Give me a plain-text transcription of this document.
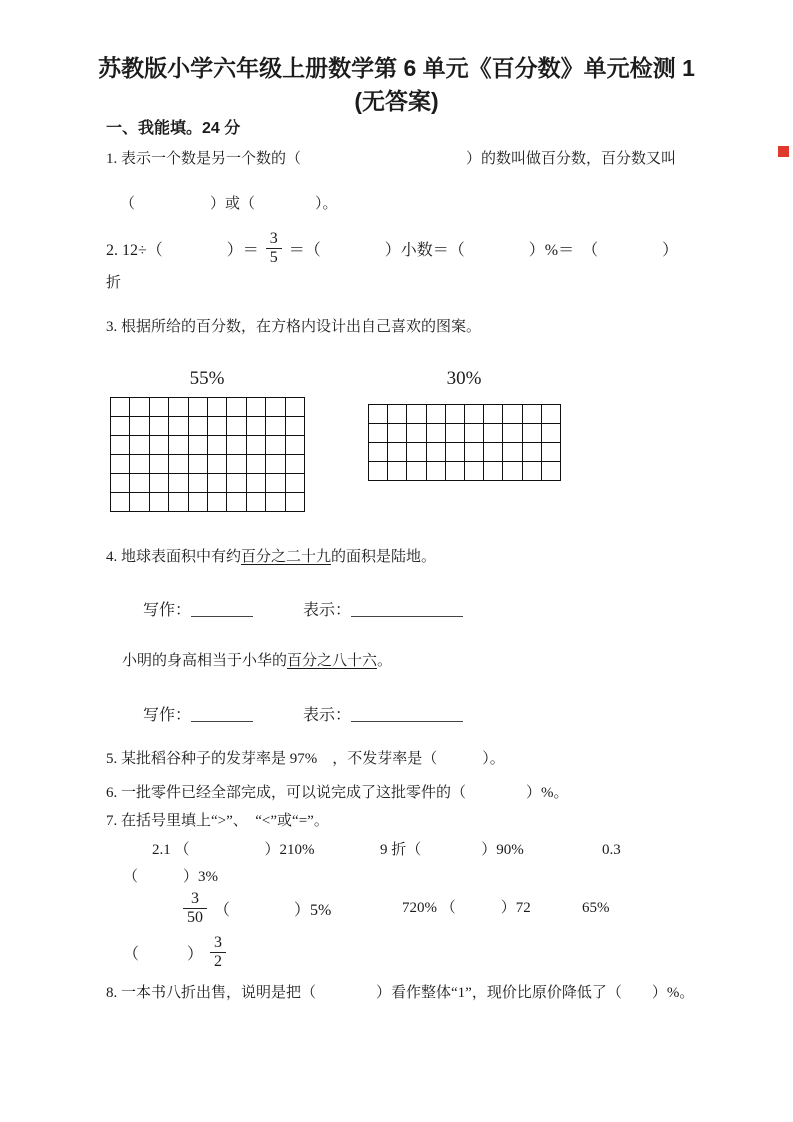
苏教版小学六年级上册数学第 6 单元《百分数》单元检测 1
(无答案)
一、我能填。24 分
1. 表示一个数是另一个数的（　　　　　　　　　　　）的数叫做百分数，百分数又叫
（　　　　　）或（　　　　）。
2. 12÷（　　　　）＝ $\frac{3}{5}$ ＝（　　　　）小数＝（　　　　）%＝　（　　　　）
折
3. 根据所给的百分数，在方格内设计出自己喜欢的图案。
55%	30%
4. 地球表面积中有约百分之二十九的面积是陆地。
写作：	表示：
小明的身高相当于小华的百分之八十六。
写作：	表示：
5. 某批稻谷种子的发芽率是 97%　，不发芽率是（　　　）。
6. 一批零件已经全部完成，可以说完成了这批零件的（　　　　）%。
7. 在括号里填上“>”、　“<”或“=”。
2.1 （　　　　　）210%	9 折（　　　　）90%	0.3
（　　　）3%
$\frac{3}{50}$ （　　　　）5%	720% （　　　）72	65%
（　　　） $\frac{3}{2}$
8. 一本书八折出售，说明是把（　　　　）看作整体“1”，现价比原价降低了（　　）%。
